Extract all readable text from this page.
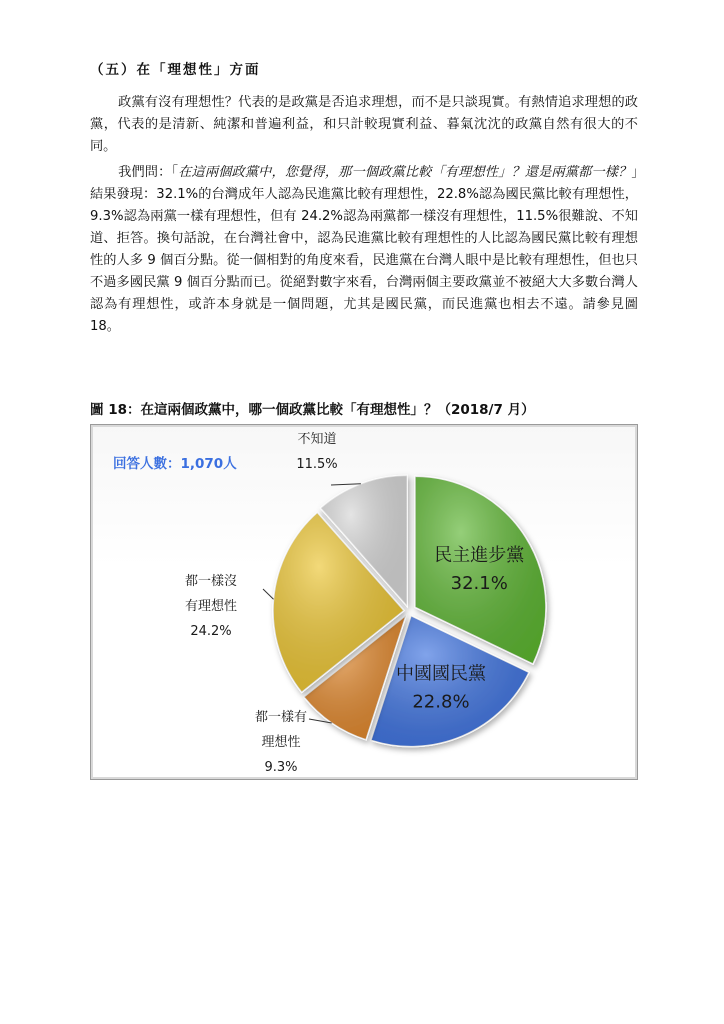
（五）在「理想性」方面
政黨有沒有理想性？代表的是政黨是否追求理想，而不是只談現實。有熱情追求理想的政黨，代表的是清新、純潔和普遍利益，和只計較現實利益、暮氣沈沈的政黨自然有很大的不同。
我們問：「在這兩個政黨中，您覺得，那一個政黨比較「有理想性」？還是兩黨都一樣？」結果發現：32.1%的台灣成年人認為民進黨比較有理想性，22.8%認為國民黨比較有理想性，9.3%認為兩黨一樣有理想性，但有 24.2%認為兩黨都一樣沒有理想性，11.5%很難說、不知道、拒答。換句話說，在台灣社會中，認為民進黨比較有理想性的人比認為國民黨比較有理想性的人多 9 個百分點。從一個相對的角度來看，民進黨在台灣人眼中是比較有理想性，但也只不過多國民黨 9 個百分點而已。從絕對數字來看，台灣兩個主要政黨並不被絕大大多數台灣人認為有理想性，或許本身就是一個問題，尤其是國民黨，而民進黨也相去不遠。請參見圖 18。
圖 18：在這兩個政黨中，哪一個政黨比較「有理想性」？（2018/7 月）
回答人數：1,070人
民主進步黨
32.1%
中國國民黨
22.8%
都一樣有
理想性
9.3%
都一樣沒
有理想性
24.2%
不知道
11.5%
